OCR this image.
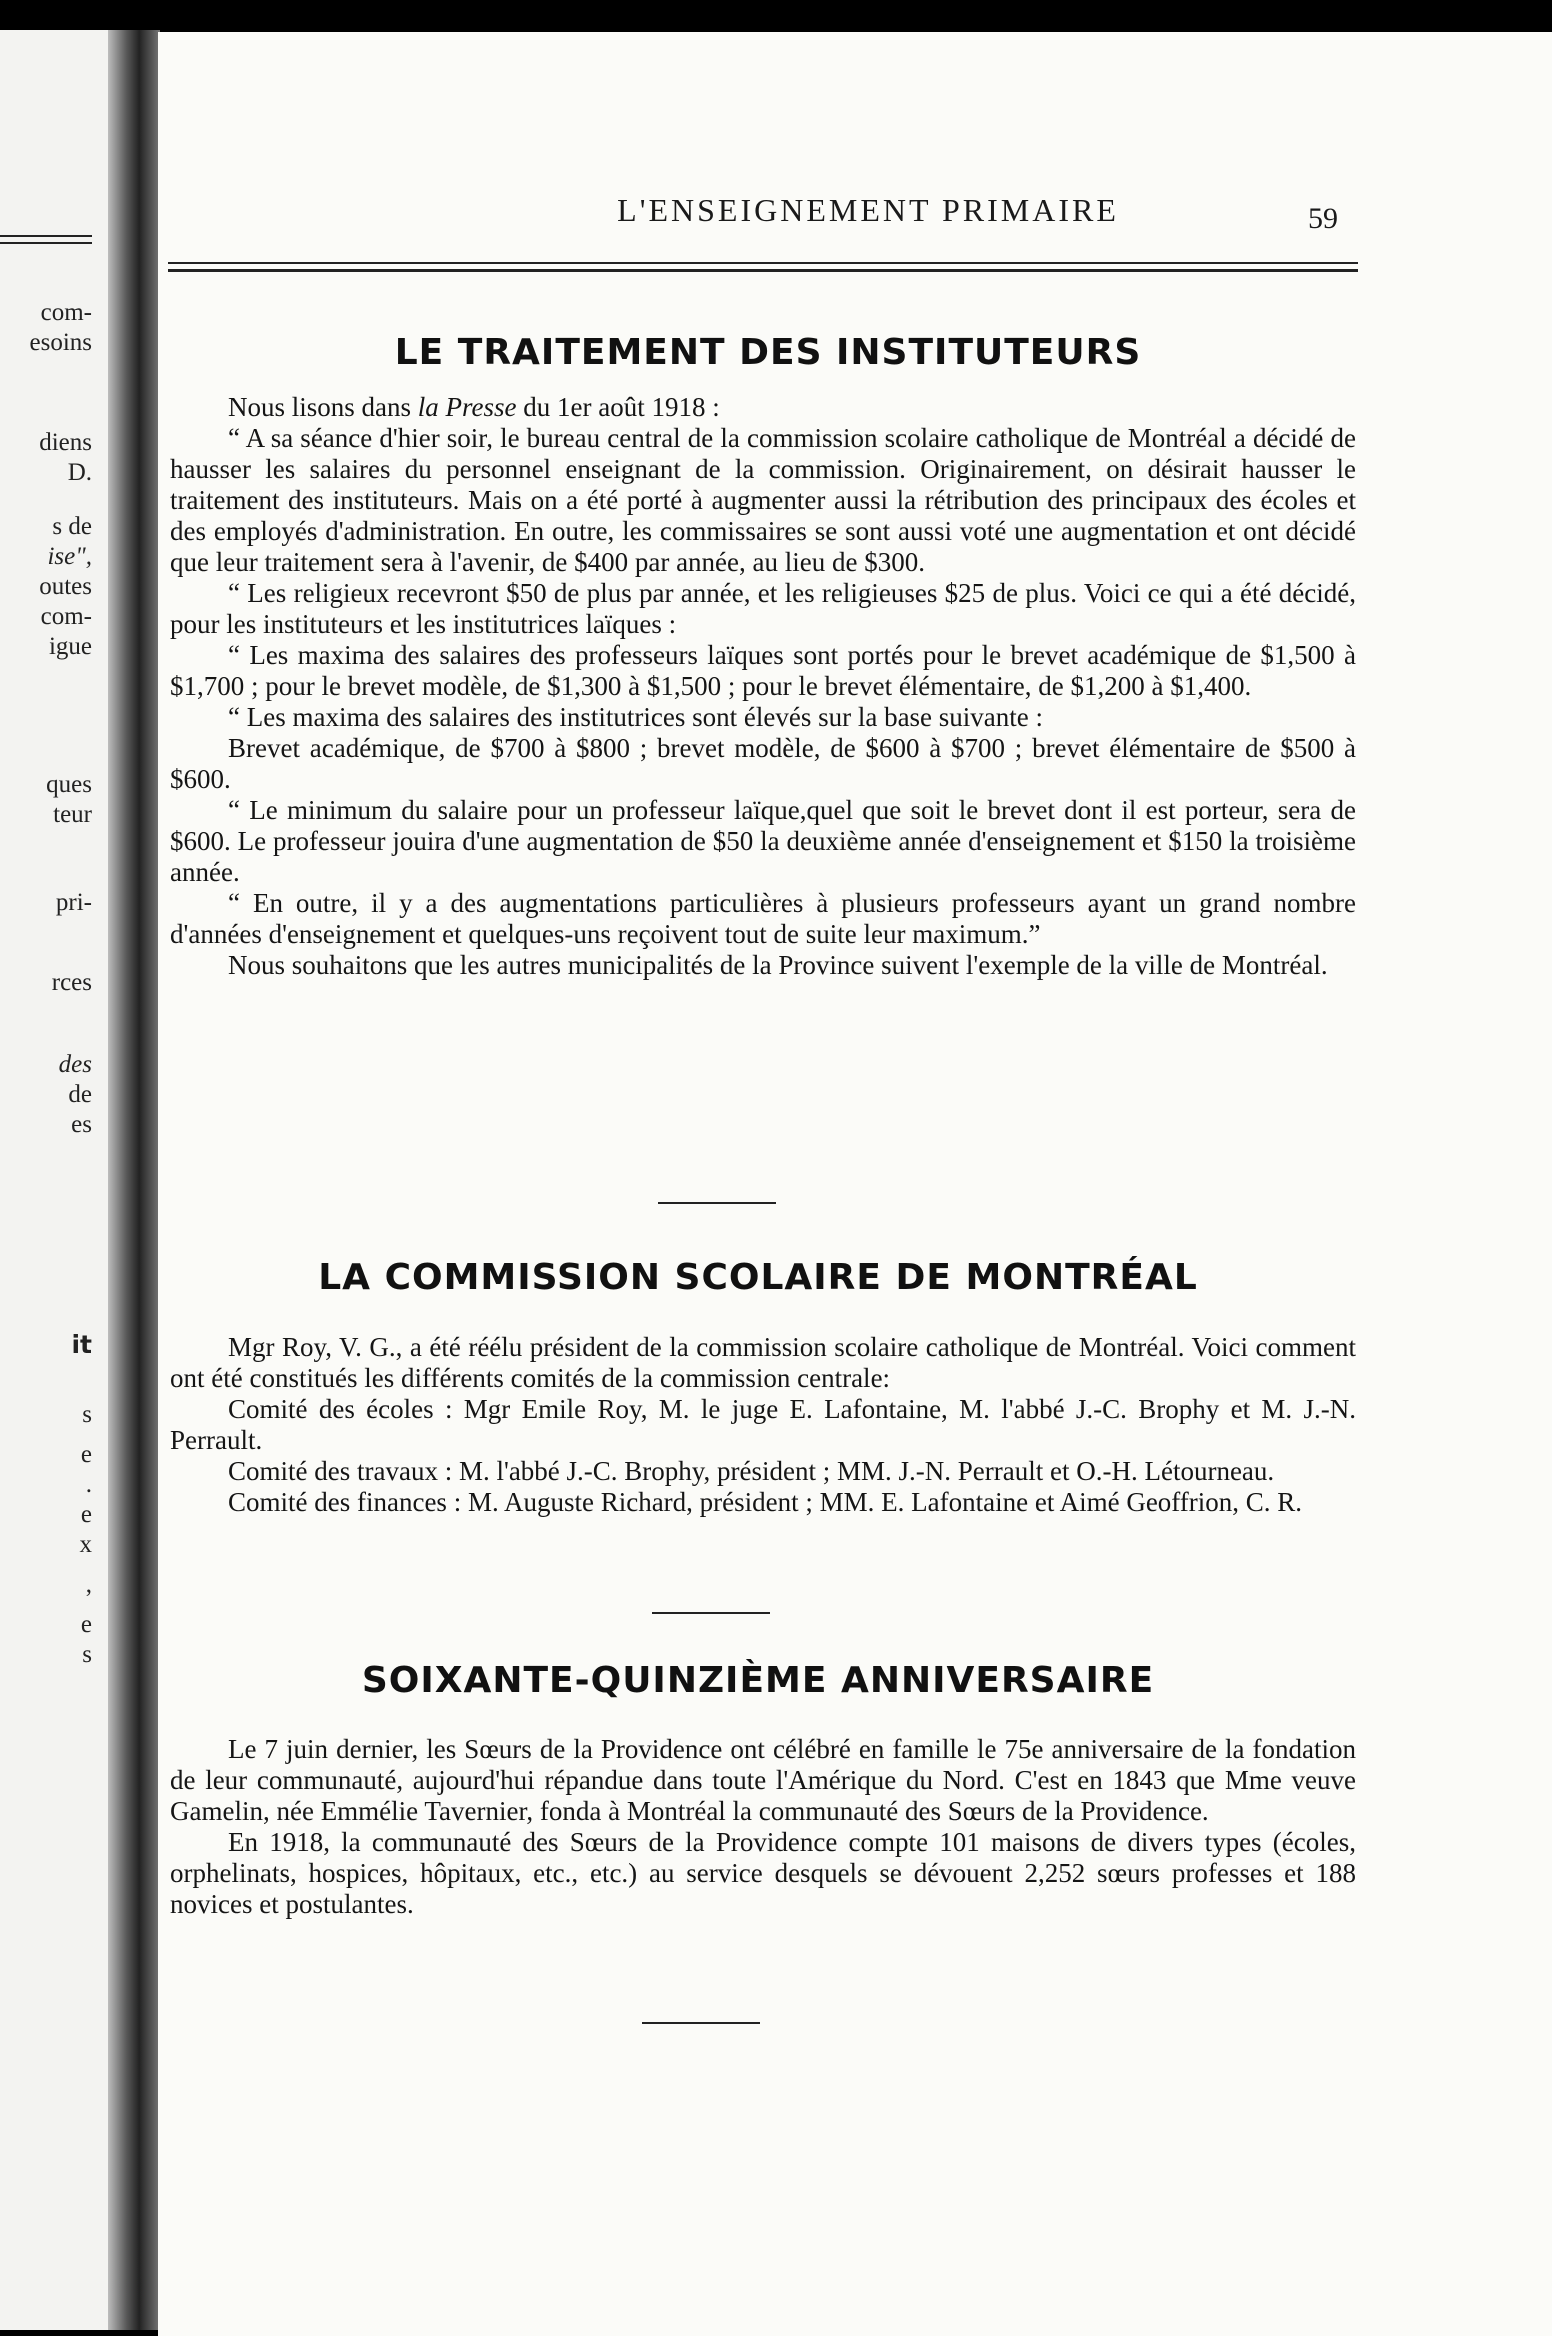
com-
esoins
diens
D.
s de
ise",
outes
com-
igue
ques
teur
pri-
rces
des
de
es
it
s
e
.
e
x
,
e
s
L'ENSEIGNEMENT PRIMAIRE	59
LE TRAITEMENT DES INSTITUTEURS

Nous lisons dans la Presse du 1er août 1918 :

“ A sa séance d'hier soir, le bureau central de la commission scolaire catholique de Montréal a décidé de hausser les salaires du personnel enseignant de la commission. Originairement, on désirait hausser le traitement des instituteurs. Mais on a été porté à augmenter aussi la rétribution des principaux des écoles et des employés d'administration. En outre, les commissaires se sont aussi voté une augmentation et ont décidé que leur traitement sera à l'avenir, de $400 par année, au lieu de $300.

“ Les religieux recevront $50 de plus par année, et les religieuses $25 de plus. Voici ce qui a été décidé, pour les instituteurs et les institutrices laïques :

“ Les maxima des salaires des professeurs laïques sont portés pour le brevet académique de $1,500 à $1,700 ; pour le brevet modèle, de $1,300 à $1,500 ; pour le brevet élémentaire, de $1,200 à $1,400.

“ Les maxima des salaires des institutrices sont élevés sur la base suivante :

Brevet académique, de $700 à $800 ; brevet modèle, de $600 à $700 ; brevet élémentaire de $500 à $600.

“ Le minimum du salaire pour un professeur laïque,quel que soit le brevet dont il est porteur, sera de $600. Le professeur jouira d'une augmentation de $50 la deuxième année d'enseignement et $150 la troisième année.

“ En outre, il y a des augmentations particulières à plusieurs professeurs ayant un grand nombre d'années d'enseignement et quelques-uns reçoivent tout de suite leur maximum.”

Nous souhaitons que les autres municipalités de la Province suivent l'exemple de la ville de Montréal.

LA COMMISSION SCOLAIRE DE MONTRÉAL

Mgr Roy, V. G., a été réélu président de la commission scolaire catholique de Montréal. Voici comment ont été constitués les différents comités de la commission centrale:

Comité des écoles : Mgr Emile Roy, M. le juge E. Lafontaine, M. l'abbé J.-C. Brophy et M. J.-N. Perrault.

Comité des travaux : M. l'abbé J.-C. Brophy, président ; MM. J.-N. Perrault et O.-H. Létourneau.

Comité des finances : M. Auguste Richard, président ; MM. E. Lafontaine et Aimé Geoffrion, C. R.

SOIXANTE-QUINZIÈME ANNIVERSAIRE

Le 7 juin dernier, les Sœurs de la Providence ont célébré en famille le 75e anniversaire de la fondation de leur communauté, aujourd'hui répandue dans toute l'Amérique du Nord. C'est en 1843 que Mme veuve Gamelin, née Emmélie Tavernier, fonda à Montréal la communauté des Sœurs de la Providence.

En 1918, la communauté des Sœurs de la Providence compte 101 maisons de divers types (écoles, orphelinats, hospices, hôpitaux, etc., etc.) au service desquels se dévouent 2,252 sœurs professes et 188 novices et postulantes.
